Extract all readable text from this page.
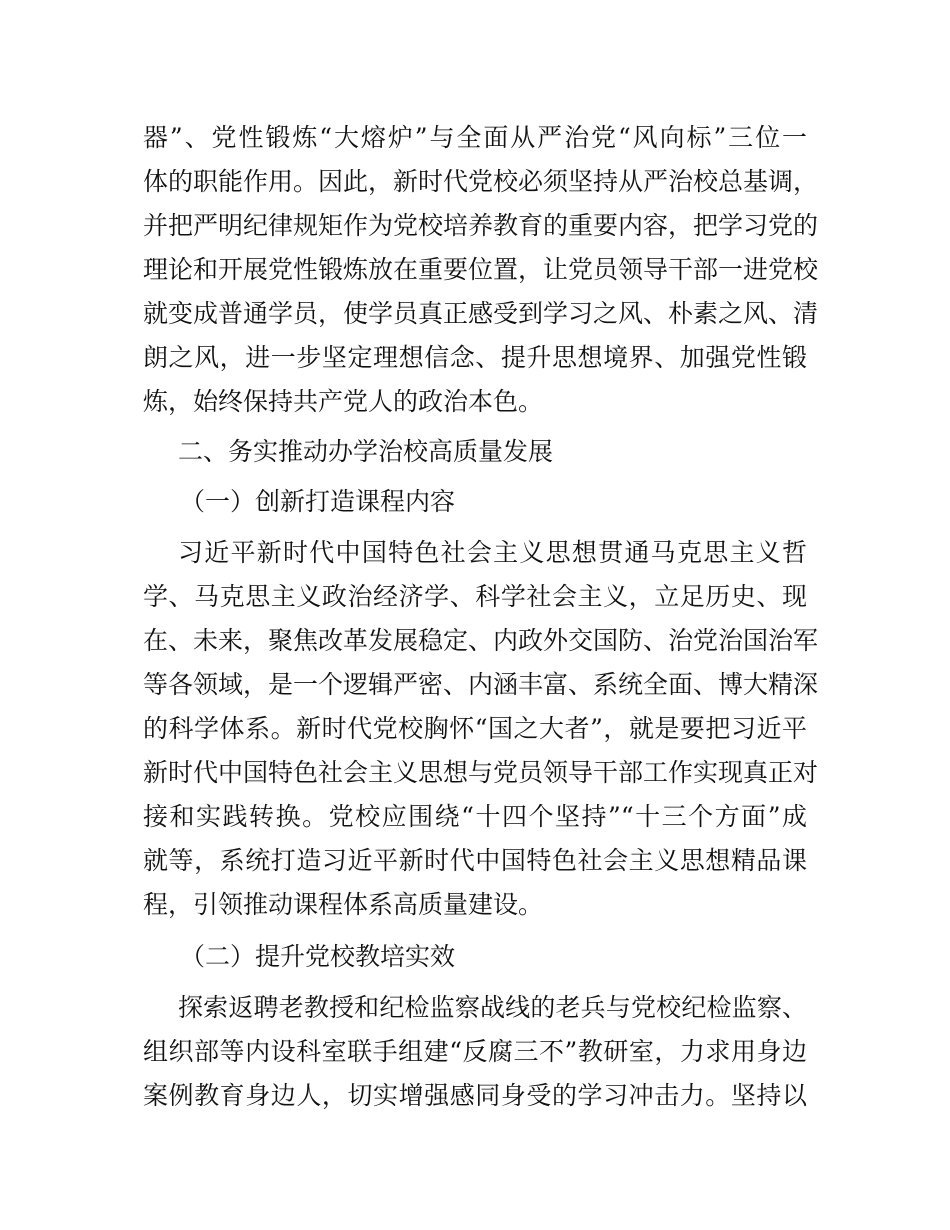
器”、党性锻炼“大熔炉”与全面从严治党“风向标”三位一
体的职能作用。因此，新时代党校必须坚持从严治校总基调，
并把严明纪律规矩作为党校培养教育的重要内容，把学习党的
理论和开展党性锻炼放在重要位置，让党员领导干部一进党校
就变成普通学员，使学员真正感受到学习之风、朴素之风、清
朗之风，进一步坚定理想信念、提升思想境界、加强党性锻
炼，始终保持共产党人的政治本色。
二、务实推动办学治校高质量发展
（一）创新打造课程内容
习近平新时代中国特色社会主义思想贯通马克思主义哲
学、马克思主义政治经济学、科学社会主义，立足历史、现
在、未来，聚焦改革发展稳定、内政外交国防、治党治国治军
等各领域，是一个逻辑严密、内涵丰富、系统全面、博大精深
的科学体系。新时代党校胸怀“国之大者”，就是要把习近平
新时代中国特色社会主义思想与党员领导干部工作实现真正对
接和实践转换。党校应围绕“十四个坚持”“十三个方面”成
就等，系统打造习近平新时代中国特色社会主义思想精品课
程，引领推动课程体系高质量建设。
（二）提升党校教培实效
探索返聘老教授和纪检监察战线的老兵与党校纪检监察、
组织部等内设科室联手组建“反腐三不”教研室，力求用身边
案例教育身边人，切实增强感同身受的学习冲击力。坚持以
